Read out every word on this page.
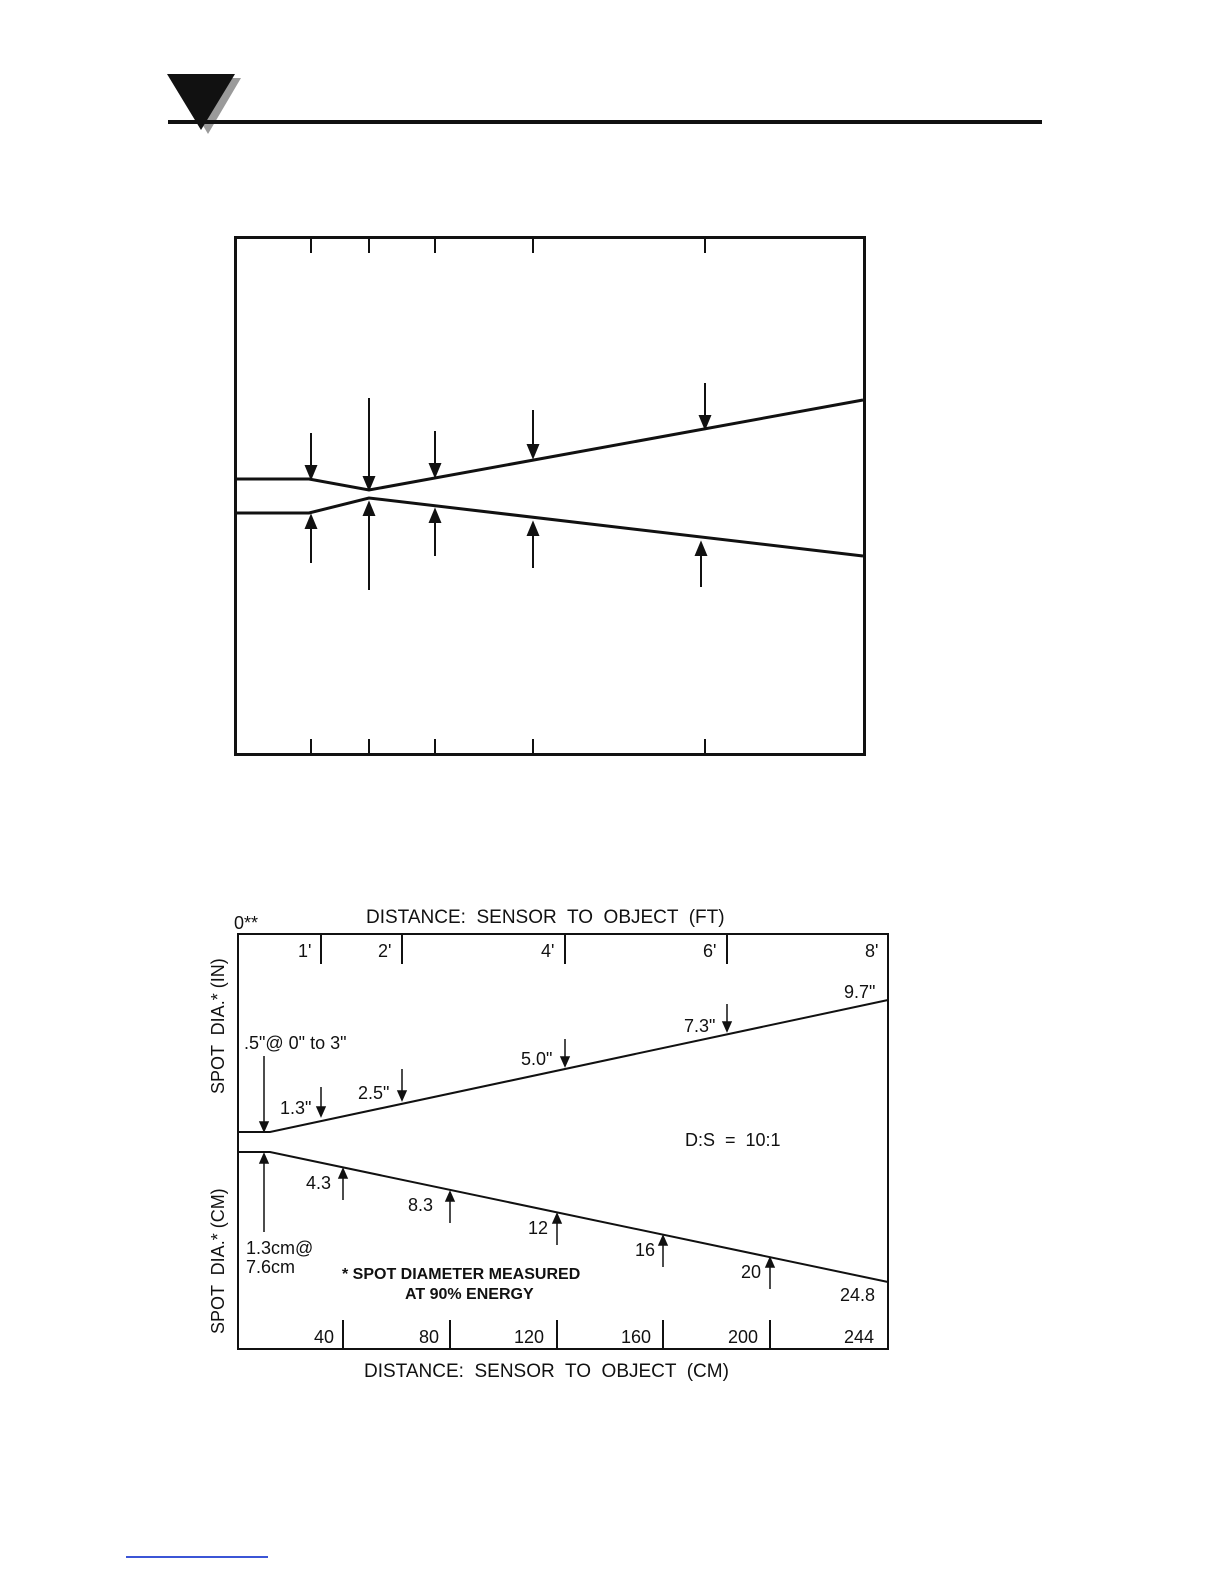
0**	DISTANCE:  SENSOR  TO  OBJECT  (FT)
DISTANCE:  SENSOR  TO  OBJECT  (CM)
SPOT  DIA.* (IN)
SPOT  DIA.* (CM)
1'	2'	4'	6'	8'
40	80	120	160	200	244
.5"@ 0" to 3"
1.3cm@
7.6cm
1.3"
2.5"
5.0"
7.3"
9.7"
D:S  =  10:1
4.3
8.3
12
16
20
24.8
* SPOT DIAMETER MEASURED
AT 90% ENERGY
